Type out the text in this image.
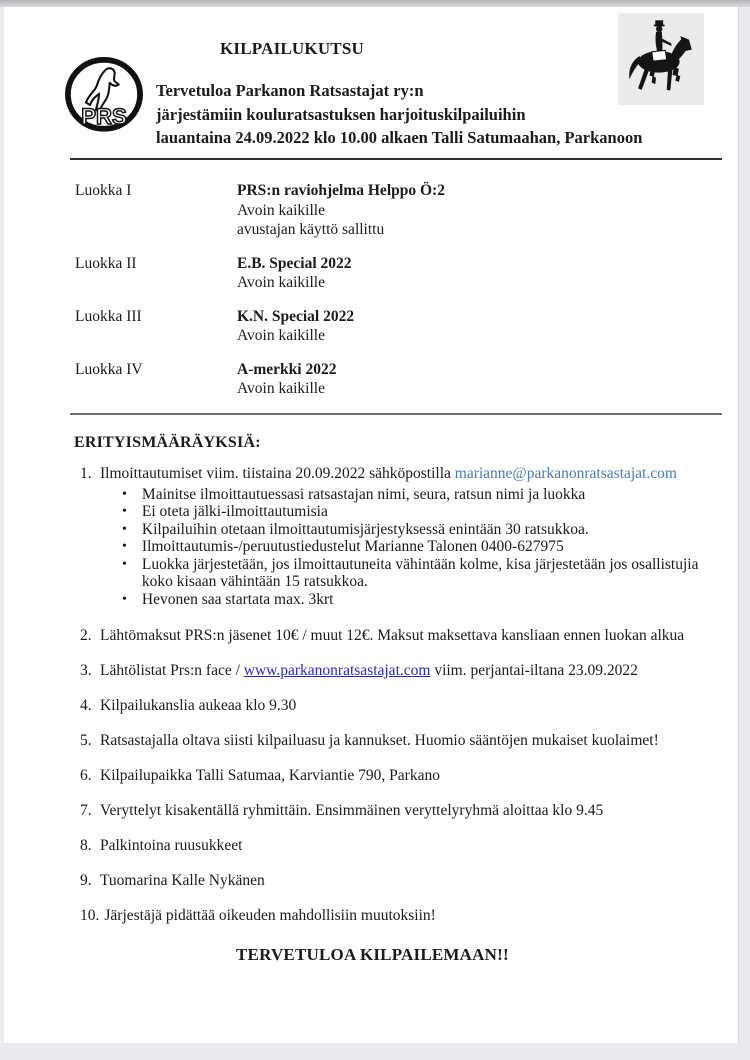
PRS
KILPAILUKUTSU
Tervetuloa Parkanon Ratsastajat ry:n
järjestämiin kouluratsastuksen harjoituskilpailuihin
lauantaina 24.09.2022 klo 10.00 alkaen Talli Satumaahan, Parkanoon
Luokka I	PRS:n raviohjelma Helppo Ö:2
Avoin kaikille
avustajan käyttö sallittu
Luokka II	E.B. Special 2022
Avoin kaikille
Luokka III	K.N. Special 2022
Avoin kaikille
Luokka IV	A-merkki 2022
Avoin kaikille
ERITYISMÄÄRÄYKSIÄ:
1. Ilmoittautumiset viim. tiistaina 20.09.2022 sähköpostilla marianne@parkanonratsastajat.com
• Mainitse ilmoittautuessasi ratsastajan nimi, seura, ratsun nimi ja luokka
• Ei oteta jälki-ilmoittautumisia
• Kilpailuihin otetaan ilmoittautumisjärjestyksessä enintään 30 ratsukkoa.
• Ilmoittautumis-/peruutustiedustelut Marianne Talonen 0400-627975
• Luokka järjestetään, jos ilmoittautuneita vähintään kolme, kisa järjestetään jos osallistujia koko kisaan vähintään 15 ratsukkoa.
• Hevonen saa startata max. 3krt
2. Lähtömaksut PRS:n jäsenet 10€ / muut 12€. Maksut maksettava kansliaan ennen luokan alkua
3. Lähtölistat Prs:n face / www.parkanonratsastajat.com viim. perjantai-iltana 23.09.2022
4. Kilpailukanslia aukeaa klo 9.30
5. Ratsastajalla oltava siisti kilpailuasu ja kannukset. Huomio sääntöjen mukaiset kuolaimet!
6. Kilpailupaikka Talli Satumaa, Karviantie 790, Parkano
7. Veryttelyt kisakentällä ryhmittäin. Ensimmäinen veryttelyryhmä aloittaa klo 9.45
8. Palkintoina ruusukkeet
9. Tuomarina Kalle Nykänen
10. Järjestäjä pidättää oikeuden mahdollisiin muutoksiin!
TERVETULOA KILPAILEMAAN!!
